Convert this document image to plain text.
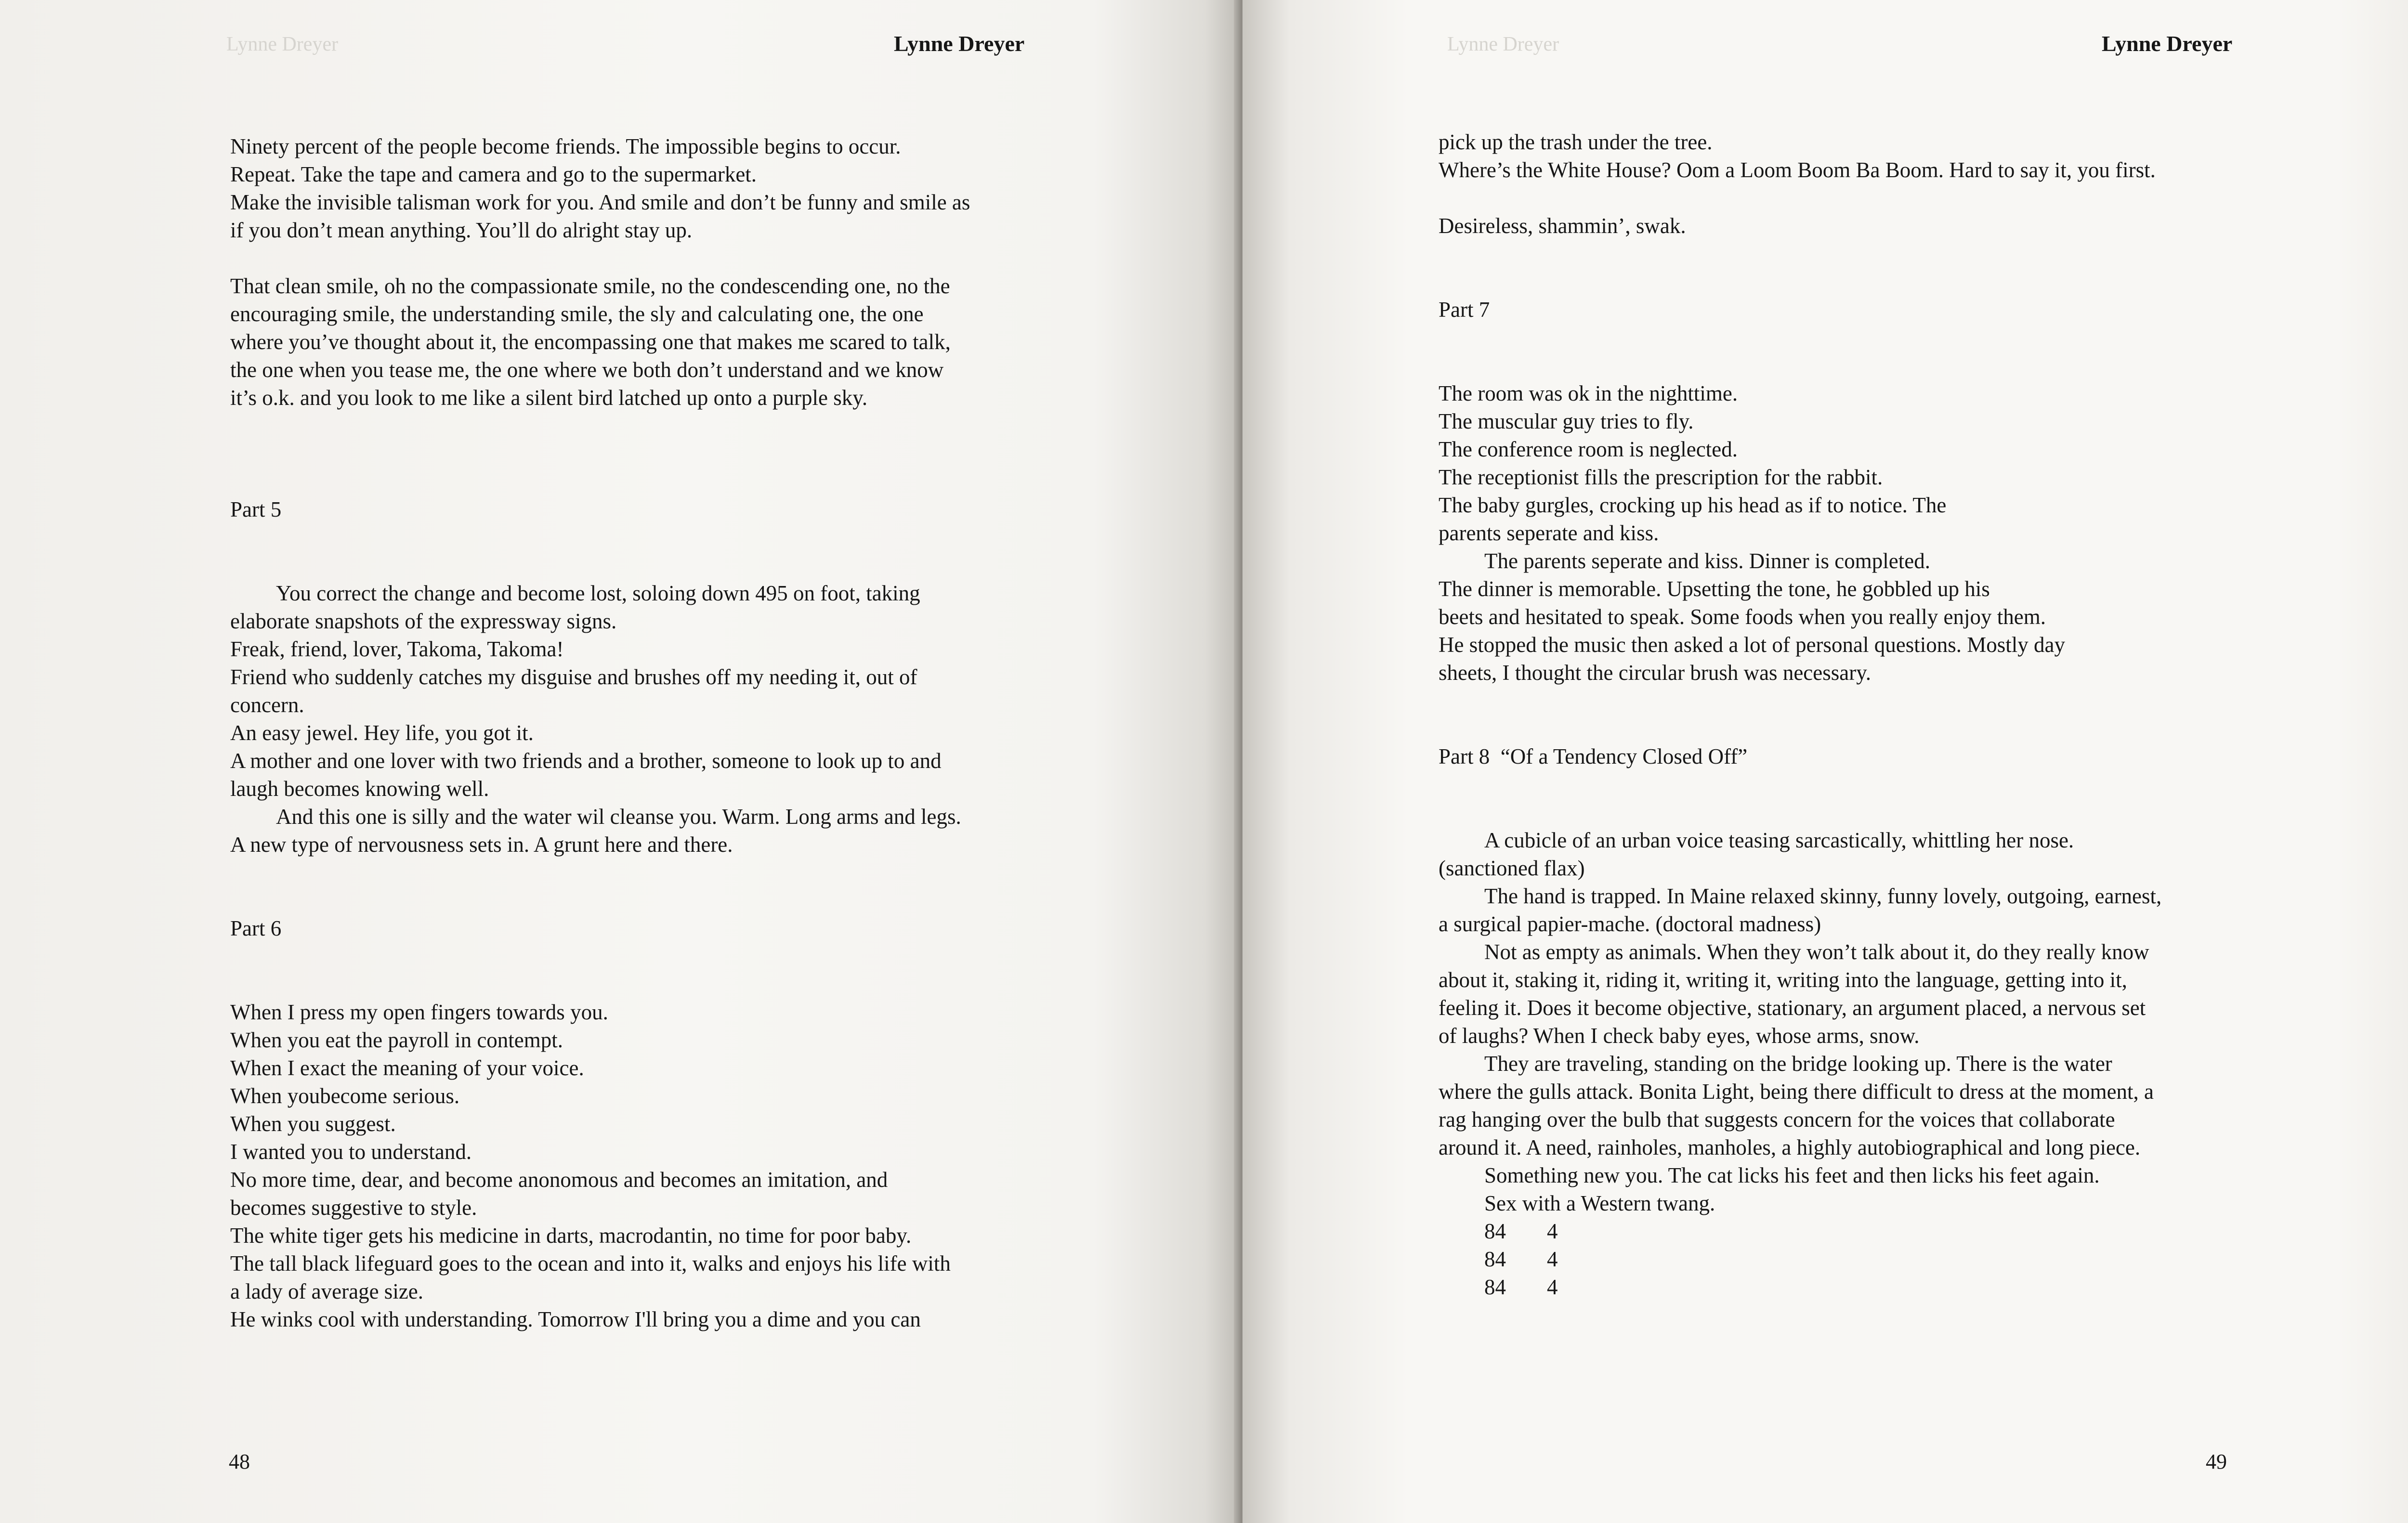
Lynne Dreyer	Lynne Dreyer

Ninety percent of the people become friends. The impossible begins to occur.

Repeat. Take the tape and camera and go to the supermarket.

Make the invisible talisman work for you. And smile and don’t be funny and smile as

if you don’t mean anything. You’ll do alright stay up.

That clean smile, oh no the compassionate smile, no the condescending one, no the

encouraging smile, the understanding smile, the sly and calculating one, the one

where you’ve thought about it, the encompassing one that makes me scared to talk,

the one when you tease me, the one where we both don’t understand and we know

it’s o.k. and you look to me like a silent bird latched up onto a purple sky.

Part 5

You correct the change and become lost, soloing down 495 on foot, taking

elaborate snapshots of the expressway signs.

Freak, friend, lover, Takoma, Takoma!

Friend who suddenly catches my disguise and brushes off my needing it, out of

concern.

An easy jewel. Hey life, you got it.

A mother and one lover with two friends and a brother, someone to look up to and

laugh becomes knowing well.

And this one is silly and the water wil cleanse you. Warm. Long arms and legs.

A new type of nervousness sets in. A grunt here and there.

Part 6

When I press my open fingers towards you.

When you eat the payroll in contempt.

When I exact the meaning of your voice.

When youbecome serious.

When you suggest.

I wanted you to understand.

No more time, dear, and become anonomous and becomes an imitation, and

becomes suggestive to style.

The white tiger gets his medicine in darts, macrodantin, no time for poor baby.

The tall black lifeguard goes to the ocean and into it, walks and enjoys his life with

a lady of average size.

He winks cool with understanding. Tomorrow I'll bring you a dime and you can

48
Lynne Dreyer	Lynne Dreyer

pick up the trash under the tree.

Where’s the White House? Oom a Loom Boom Ba Boom. Hard to say it, you first.

Desireless, shammin’, swak.

Part 7

The room was ok in the nighttime.

The muscular guy tries to fly.

The conference room is neglected.

The receptionist fills the prescription for the rabbit.

The baby gurgles, crocking up his head as if to notice. The

parents seperate and kiss.

The parents seperate and kiss. Dinner is completed.

The dinner is memorable. Upsetting the tone, he gobbled up his

beets and hesitated to speak. Some foods when you really enjoy them.

He stopped the music then asked a lot of personal questions. Mostly day

sheets, I thought the circular brush was necessary.

Part 8  “Of a Tendency Closed Off”

A cubicle of an urban voice teasing sarcastically, whittling her nose.

(sanctioned flax)

The hand is trapped. In Maine relaxed skinny, funny lovely, outgoing, earnest,

a surgical papier-mache. (doctoral madness)

Not as empty as animals. When they won’t talk about it, do they really know

about it, staking it, riding it, writing it, writing into the language, getting into it,

feeling it. Does it become objective, stationary, an argument placed, a nervous set

of laughs? When I check baby eyes, whose arms, snow.

They are traveling, standing on the bridge looking up. There is the water

where the gulls attack. Bonita Light, being there difficult to dress at the moment, a

rag hanging over the bulb that suggests concern for the voices that collaborate

around it. A need, rainholes, manholes, a highly autobiographical and long piece.

Something new you. The cat licks his feet and then licks his feet again.

Sex with a Western twang.

84 4
84 4
84 4
49
